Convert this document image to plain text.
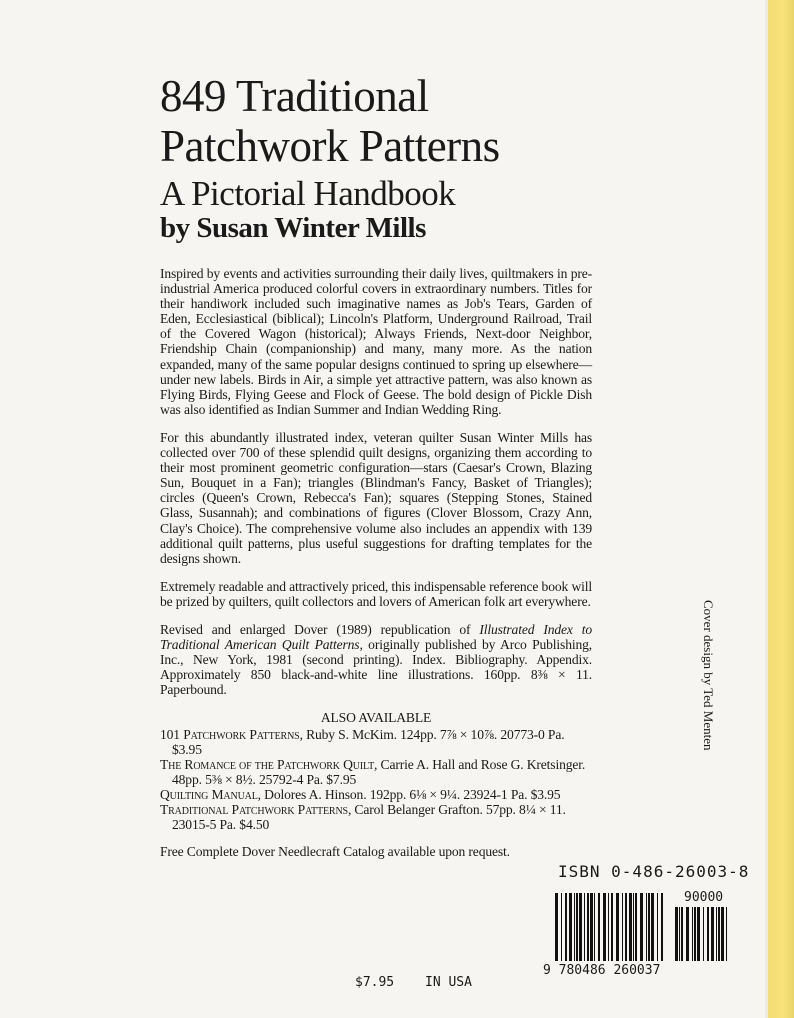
849 Traditional
Patchwork Patterns
A Pictorial Handbook
by Susan Winter Mills

Inspired by events and activities surrounding their daily lives, quiltmakers in pre-industrial America produced colorful covers in extraordinary numbers. Titles for their handiwork included such imaginative names as Job's Tears, Garden of Eden, Ecclesiastical (biblical); Lincoln's Platform, Underground Railroad, Trail of the Covered Wagon (historical); Always Friends, Next-door Neighbor, Friendship Chain (companionship) and many, many more. As the nation expanded, many of the same popular designs continued to spring up elsewhere—under new labels. Birds in Air, a simple yet attractive pattern, was also known as Flying Birds, Flying Geese and Flock of Geese. The bold design of Pickle Dish was also identified as Indian Summer and Indian Wedding Ring.

For this abundantly illustrated index, veteran quilter Susan Winter Mills has collected over 700 of these splendid quilt designs, organizing them according to their most prominent geometric configuration—stars (Caesar's Crown, Blazing Sun, Bouquet in a Fan); triangles (Blindman's Fancy, Basket of Triangles); circles (Queen's Crown, Rebecca's Fan); squares (Stepping Stones, Stained Glass, Susannah); and combinations of figures (Clover Blossom, Crazy Ann, Clay's Choice). The comprehensive volume also includes an appendix with 139 additional quilt patterns, plus useful suggestions for drafting templates for the designs shown.

Extremely readable and attractively priced, this indispensable reference book will be prized by quilters, quilt collectors and lovers of American folk art everywhere.

Revised and enlarged Dover (1989) republication of Illustrated Index to Traditional American Quilt Patterns, originally published by Arco Publishing, Inc., New York, 1981 (second printing). Index. Bibliography. Appendix. Approximately 850 black-and-white line illustrations. 160pp. 8⅜ × 11. Paperbound.

ALSO AVAILABLE
101 Patchwork Patterns, Ruby S. McKim. 124pp. 7⅞ × 10⅞. 20773-0 Pa. $3.95
The Romance of the Patchwork Quilt, Carrie A. Hall and Rose G. Kretsinger. 48pp. 5⅜ × 8½. 25792-4 Pa. $7.95
Quilting Manual, Dolores A. Hinson. 192pp. 6⅛ × 9¼. 23924-1 Pa. $3.95
Traditional Patchwork Patterns, Carol Belanger Grafton. 57pp. 8¼ × 11. 23015-5 Pa. $4.50
Free Complete Dover Needlecraft Catalog available upon request.
Cover design by Ted Menten
ISBN 0-486-26003-8
9 780486 260037
90000
$7.95 IN USA
